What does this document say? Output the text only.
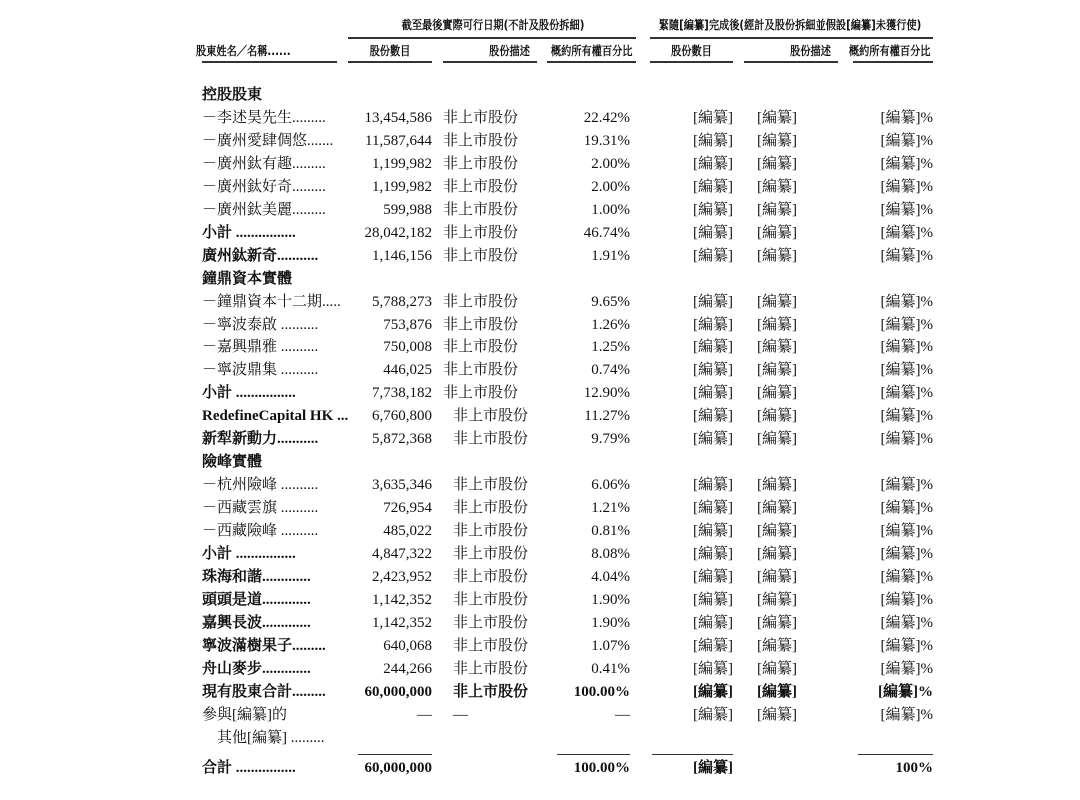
截至最後實際可行日期(不計及股份拆細)	緊隨[編纂]完成後(經計及股份拆細並假設[編纂]未獲行使)
股東姓名／名稱......	股份數目	股份描述 概約所有權百分比	股份數目	股份描述 概約所有權百分比
控股股東
－李述昊先生.........	13,454,586 非上市股份	22.42%	[編纂] [編纂]	[編纂]%
－廣州愛肆倜悠....... 11,587,644 非上市股份	19.31%	[編纂] [編纂]	[編纂]%
－廣州鈦有趣.........	1,199,982 非上市股份	2.00%	[編纂] [編纂]	[編纂]%
－廣州鈦好奇.........	1,199,982 非上市股份	2.00%	[編纂] [編纂]	[編纂]%
－廣州鈦美麗.........	599,988 非上市股份	1.00%	[編纂] [編纂]	[編纂]%
小計 ................	28,042,182 非上市股份	46.74%	[編纂] [編纂]	[編纂]%
廣州鈦新奇...........	1,146,156 非上市股份	1.91%	[編纂] [編纂]	[編纂]%
鐘鼎資本實體
－鐘鼎資本十二期..... 5,788,273 非上市股份	9.65%	[編纂] [編纂]	[編纂]%
－寧波泰啟 ..........	753,876 非上市股份	1.26%	[編纂] [編纂]	[編纂]%
－嘉興鼎雅 ..........	750,008 非上市股份	1.25%	[編纂] [編纂]	[編纂]%
－寧波鼎集 ..........	446,025 非上市股份	0.74%	[編纂] [編纂]	[編纂]%
小計 ................	7,738,182 非上市股份	12.90%	[編纂] [編纂]	[編纂]%
RedefineCapital HK ... 6,760,800 非上市股份	11.27%	[編纂] [編纂]	[編纂]%
新犁新動力...........	5,872,368 非上市股份	9.79%	[編纂] [編纂]	[編纂]%
險峰實體
－杭州險峰 ..........	3,635,346 非上市股份	6.06%	[編纂] [編纂]	[編纂]%
－西藏雲旗 ..........	726,954 非上市股份	1.21%	[編纂] [編纂]	[編纂]%
－西藏險峰 ..........	485,022 非上市股份	0.81%	[編纂] [編纂]	[編纂]%
小計 ................	4,847,322 非上市股份	8.08%	[編纂] [編纂]	[編纂]%
珠海和諧.............	2,423,952 非上市股份	4.04%	[編纂] [編纂]	[編纂]%
頭頭是道.............	1,142,352 非上市股份	1.90%	[編纂] [編纂]	[編纂]%
嘉興長波.............	1,142,352 非上市股份	1.90%	[編纂] [編纂]	[編纂]%
寧波滿樹果子.........	640,068 非上市股份	1.07%	[編纂] [編纂]	[編纂]%
舟山麥步.............	244,266 非上市股份	0.41%	[編纂] [編纂]	[編纂]%
現有股東合計.........	60,000,000 非上市股份	100.00%	[編纂] [編纂]	[編纂]%
參與[編纂]的	— —	—	[編纂] [編纂]	[編纂]%
　其他[編纂] .........
合計 ................	60,000,000	100.00%	[編纂]	100%
